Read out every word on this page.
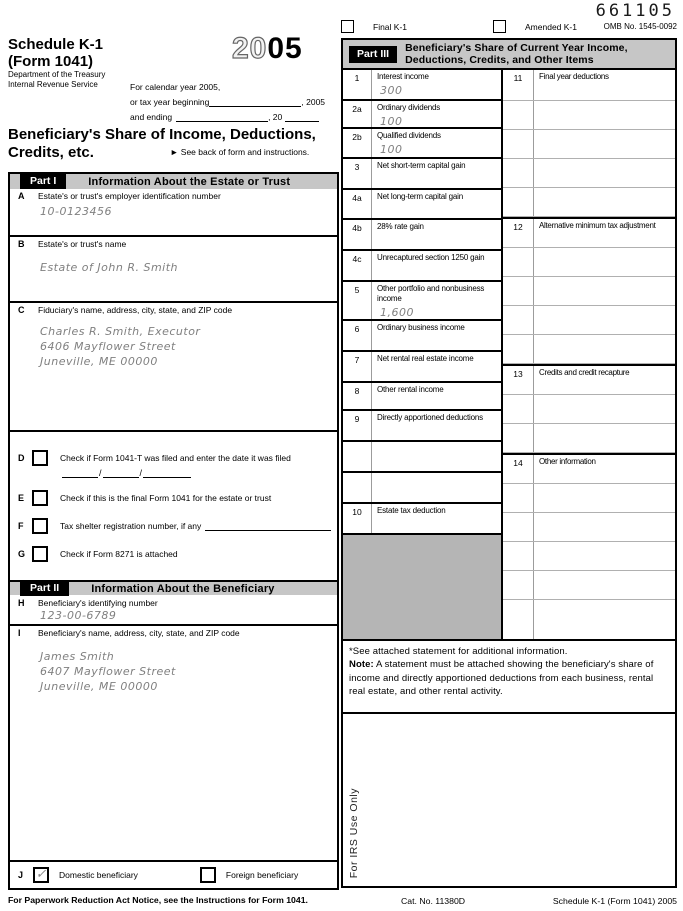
661105
Schedule K-1
(Form 1041)
Department of the Treasury
Internal Revenue Service
2005
For calendar year 2005,
or tax year beginning	, 2005
and ending	, 20
Beneficiary's Share of Income, Deductions,
Credits, etc.	► See back of form and instructions.
Part I	Information About the Estate or Trust
A	Estate's or trust's employer identification number
10-0123456
B	Estate's or trust's name
Estate of John R. Smith
C	Fiduciary's name, address, city, state, and ZIP code
Charles R. Smith, Executor
6406 Mayflower Street
Juneville, ME 00000
D	Check if Form 1041-T was filed and enter the date it was filed
/	/
E	Check if this is the final Form 1041 for the estate or trust
F	Tax shelter registration number, if any
G	Check if Form 8271 is attached
Part II	Information About the Beneficiary
H	Beneficiary's identifying number
123-00-6789
I	Beneficiary's name, address, city, state, and ZIP code
James Smith
6407 Mayflower Street
Juneville, ME 00000
J ✓ Domestic beneficiary	Foreign beneficiary
For Paperwork Reduction Act Notice, see the Instructions for Form 1041.
Final K-1	Amended K-1	OMB No. 1545-0092
Part III
Beneficiary's Share of Current Year Income,
Deductions, Credits, and Other Items
1	Interest income
300
2a	Ordinary dividends
100
2b	Qualified dividends
100
3	Net short-term capital gain
4a	Net long-term capital gain
4b	28% rate gain
4c	Unrecaptured section 1250 gain
5	Other portfolio and nonbusiness income
1,600
6	Ordinary business income
7	Net rental real estate income
8	Other rental income
9	Directly apportioned deductions
10	Estate tax deduction
11	Final year deductions
12	Alternative minimum tax adjustment
13	Credits and credit recapture
14	Other information
*See attached statement for additional information.
Note: A statement must be attached showing the beneficiary's share of income and directly apportioned deductions from each business, rental real estate, and other rental activity.
For IRS Use Only
Cat. No. 11380D	Schedule K-1 (Form 1041) 2005
